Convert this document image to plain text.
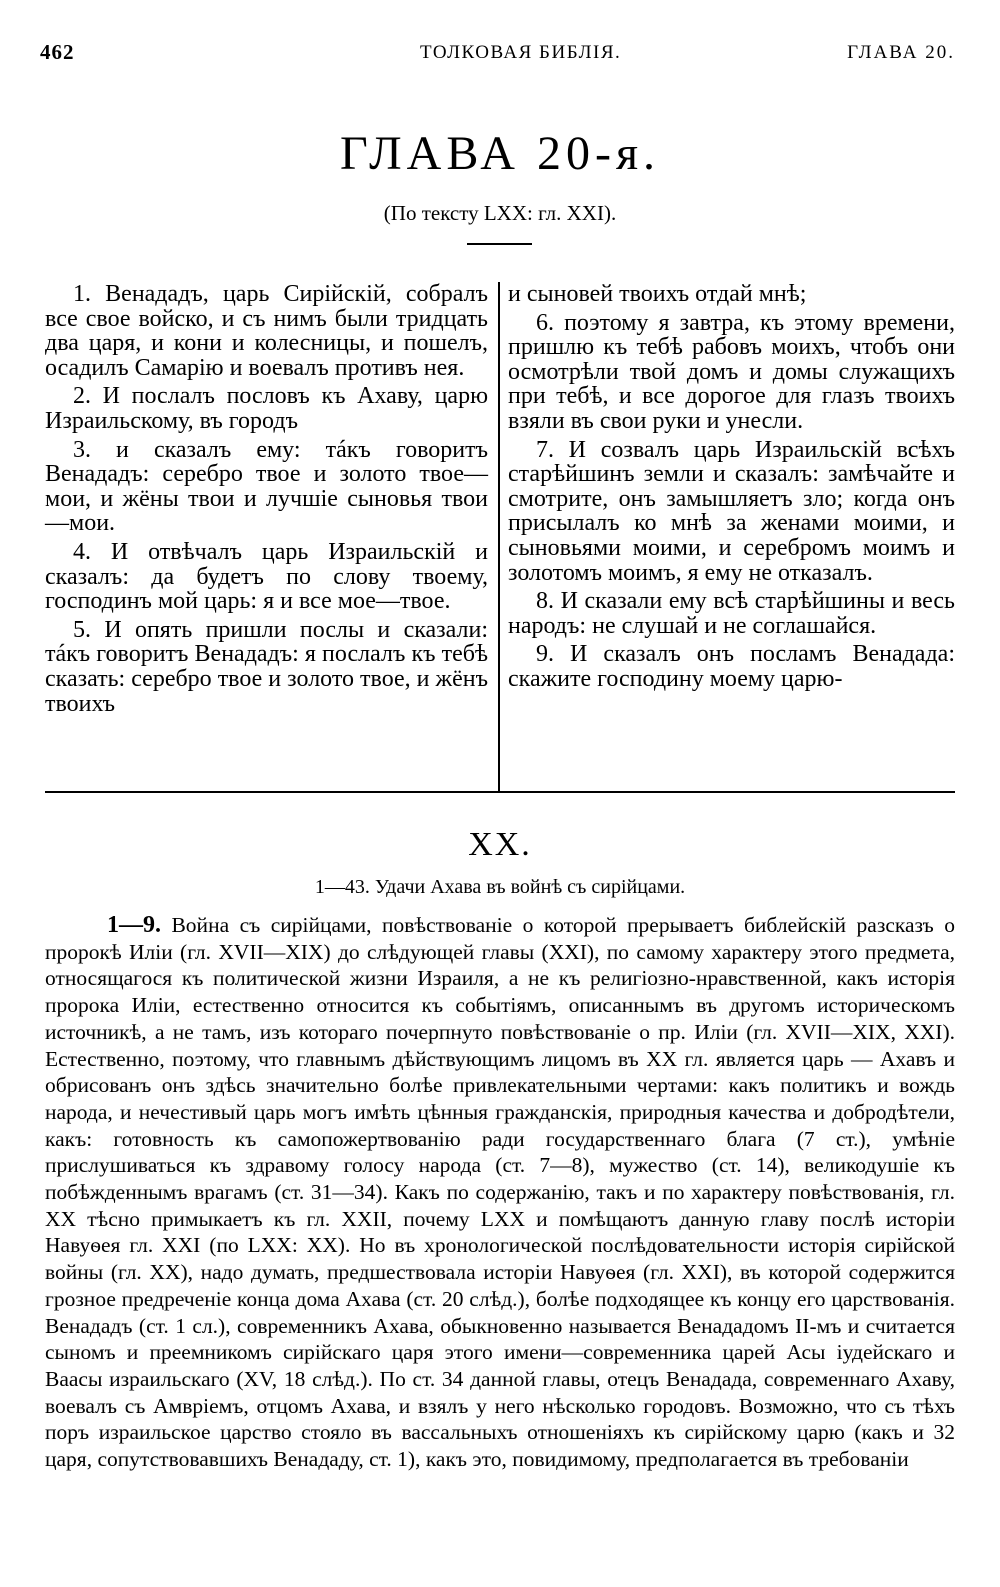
462	ТОЛКОВАЯ БИБЛIЯ.	ГЛАВА 20.
ГЛАВА 20-я.
(По тексту LXX: гл. XXI).

1. Венададъ, царь Сирiйскiй, собралъ все свое войско, и съ нимъ были тридцать два царя, и кони и колесницы, и пошелъ, осадилъ Самарiю и воевалъ противъ нея.

2. И послалъ пословъ къ Ахаву, царю Израильскому, въ городъ

3. и сказалъ ему: тáкъ говоритъ Венададъ: серебро твое и золото твое—мои, и жëны твои и лучшiе сыновья твои—мои.

4. И отвѣчалъ царь Израильскiй и сказалъ: да будетъ по слову твоему, господинъ мой царь: я и все мое—твое.

5. И опять пришли послы и сказали: тáкъ говоритъ Венададъ: я послалъ къ тебѣ сказать: серебро твое и золото твое, и жëнъ твоихъ

и сыновей твоихъ отдай мнѣ;

6. поэтому я завтра, къ этому времени, пришлю къ тебѣ рабовъ моихъ, чтобъ они осмотрѣли твой домъ и домы служащихъ при тебѣ, и все дорогое для глазъ твоихъ взяли въ свои руки и унесли.

7. И созвалъ царь Израильскiй всѣхъ старѣйшинъ земли и сказалъ: замѣчайте и смотрите, онъ замышляетъ зло; когда онъ присылалъ ко мнѣ за женами моими, и сыновьями моими, и серебромъ моимъ и золотомъ моимъ, я ему не отказалъ.

8. И сказали ему всѣ старѣйшины и весь народъ: не слушай и не соглашайся.

9. И сказалъ онъ посламъ Венадада: скажите господину моему царю-

XX.
1—43. Удачи Ахава въ войнѣ съ сирiйцами.

1—9. Война съ сирiйцами, повѣствованiе о которой прерываетъ библейскiй разсказъ о пророкѣ Илiи (гл. XVII—XIX) до слѣдующей главы (XXI), по самому характеру этого предмета, относящагося къ политической жизни Израиля, а не къ религiозно-нравственной, какъ исторiя пророка Илiи, естественно относится къ событiямъ, описаннымъ въ другомъ историческомъ источникѣ, а не тамъ, изъ котораго почерпнуто повѣствованiе о пр. Илiи (гл. XVII—XIX, XXI). Естественно, поэтому, что главнымъ дѣйствующимъ лицомъ въ XX гл. является царь — Ахавъ и обрисованъ онъ здѣсь значительно болѣе привлекательными чертами: какъ политикъ и вождь народа, и нечестивый царь могъ имѣть цѣнныя гражданскiя, природныя качества и добродѣтели, какъ: готовность къ самопожертвованiю ради государственнаго блага (7 ст.), умѣнiе прислушиваться къ здравому голосу народа (ст. 7—8), мужество (ст. 14), великодушiе къ побѣжденнымъ врагамъ (ст. 31—34). Какъ по содержанiю, такъ и по характеру повѣствованiя, гл. XX тѣсно примыкаетъ къ гл. XXII, почему LXX и помѣщаютъ данную главу послѣ исторiи Навуѳея гл. XXI (по LXX: XX). Но въ хронологической послѣдовательности исторiя сирiйской войны (гл. XX), надо думать, предшествовала исторiи Навуѳея (гл. XXI), въ которой содержится грозное предреченiе конца дома Ахава (ст. 20 слѣд.), болѣе подходящее къ концу его царствованiя. Венададъ (ст. 1 сл.), современникъ Ахава, обыкновенно называется Венададомъ II-мъ и считается сыномъ и преемникомъ сирiйскаго царя этого имени—современника царей Асы iудейскаго и Ваасы израильскаго (XV, 18 слѣд.). По ст. 34 данной главы, отецъ Венадада, современнаго Ахаву, воевалъ съ Амврiемъ, отцомъ Ахава, и взялъ у него нѣсколько городовъ. Возможно, что съ тѣхъ поръ израильское царство стояло въ вассальныхъ отношенiяхъ къ сирiйскому царю (какъ и 32 царя, сопутствовавшихъ Венададу, ст. 1), какъ это, повидимому, предполагается въ требованiи
